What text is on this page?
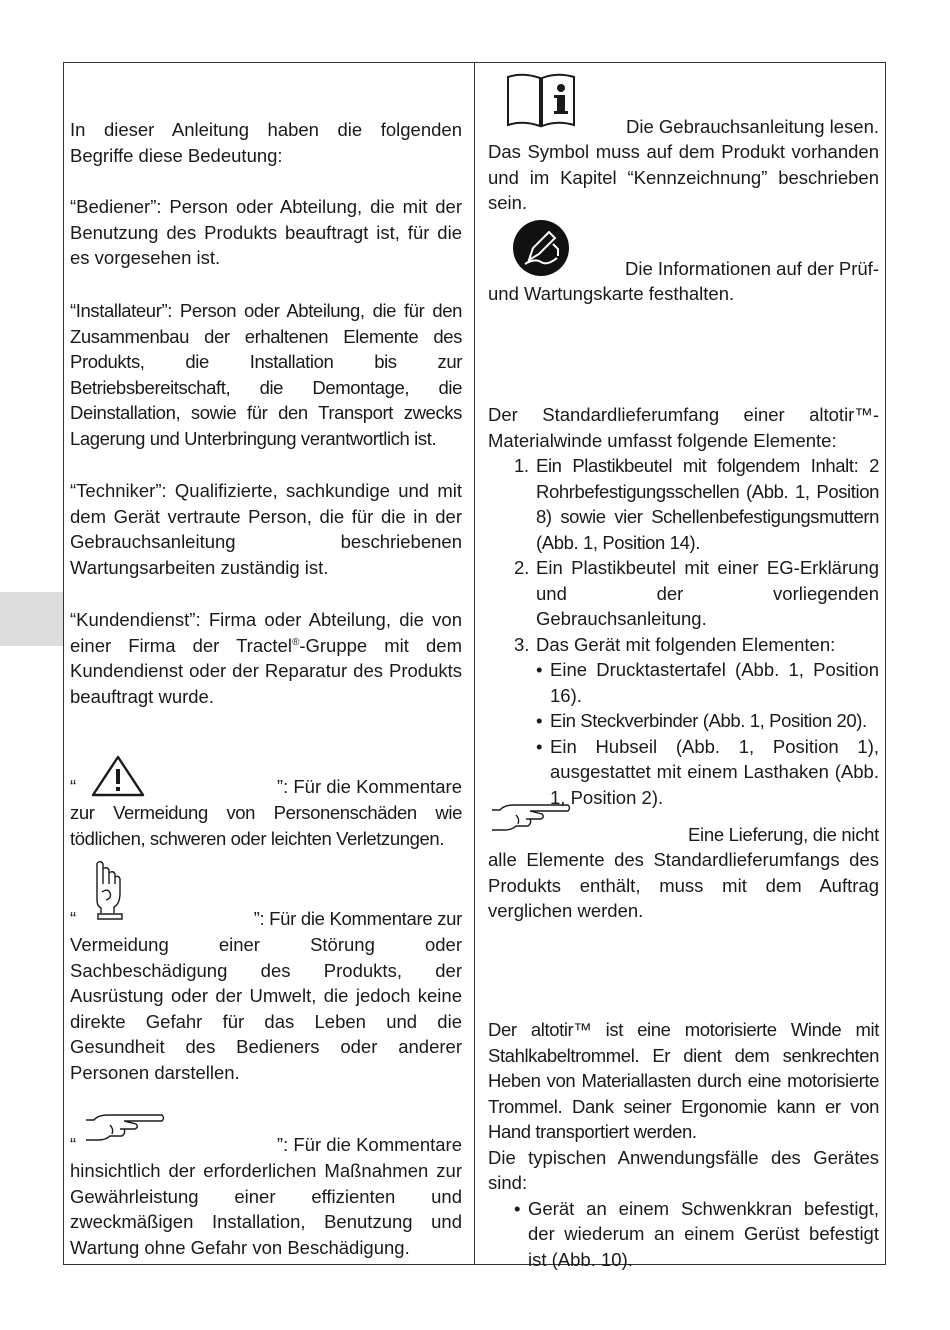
In dieser Anleitung haben die folgenden Begriffe diese Bedeutung:

“Bediener”: Person oder Abteilung, die mit der Benutzung des Produkts beauftragt ist, für die es vorgesehen ist.

“Installateur”: Person oder Abteilung, die für den Zusammenbau der erhaltenen Elemente des Produkts, die Installation bis zur Betriebsbereitschaft, die Demontage, die Deinstallation, sowie für den Transport zwecks Lagerung und Unterbringung verantwortlich ist.

“Techniker”: Qualifizierte, sachkundige und mit dem Gerät vertraute Person, die für die in der Gebrauchsanleitung beschriebenen Wartungsarbeiten zuständig ist.

“Kundendienst”: Firma oder Abteilung, die von einer Firma der Tractel®-Gruppe mit dem Kundendienst oder der Reparatur des Produkts beauftragt wurde.

“	”: Für die Kommentare

zur Vermeidung von Personenschäden wie tödlichen, schweren oder leichten Verletzungen.

“	”: Für die Kommentare zur

Vermeidung einer Störung oder Sachbeschädigung des Produkts, der Ausrüstung oder der Umwelt, die jedoch keine direkte Gefahr für das Leben und die Gesundheit des Bedieners oder anderer Personen darstellen.

“	”: Für die Kommentare

hinsichtlich der erforderlichen Maßnahmen zur Gewährleistung einer effizienten und zweckmäßigen Installation, Benutzung und Wartung ohne Gefahr von Beschädigung.

Die Gebrauchsanleitung lesen.

Das Symbol muss auf dem Produkt vorhanden und im Kapitel “Kennzeichnung” beschrieben sein.

Die Informationen auf der Prüf-

und Wartungskarte festhalten.

Der Standardlieferumfang einer altotir™-Materialwinde umfasst folgende Elemente:

1. Ein Plastikbeutel mit folgendem Inhalt: 2 Rohrbefestigungsschellen (Abb. 1, Position 8) sowie vier Schellenbefestigungsmuttern (Abb. 1, Position 14).
2. Ein Plastikbeutel mit einer EG-Erklärung und der vorliegenden Gebrauchsanleitung.
3. Das Gerät mit folgenden Elementen:
• Eine Drucktastertafel (Abb. 1, Position 16).
• Ein Steckverbinder (Abb. 1, Position 20).
• Ein Hubseil (Abb. 1, Position 1), ausgestattet mit einem Lasthaken (Abb. 1, Position 2).
Eine Lieferung, die nicht

alle Elemente des Standardlieferumfangs des Produkts enthält, muss mit dem Auftrag verglichen werden.

Der altotir™ ist eine motorisierte Winde mit Stahlkabeltrommel. Er dient dem senkrechten Heben von Materiallasten durch eine motorisierte Trommel. Dank seiner Ergonomie kann er von Hand transportiert werden.

Die typischen Anwendungsfälle des Gerätes sind:

• Gerät an einem Schwenkkran befestigt, der wiederum an einem Gerüst befestigt ist (Abb. 10).
